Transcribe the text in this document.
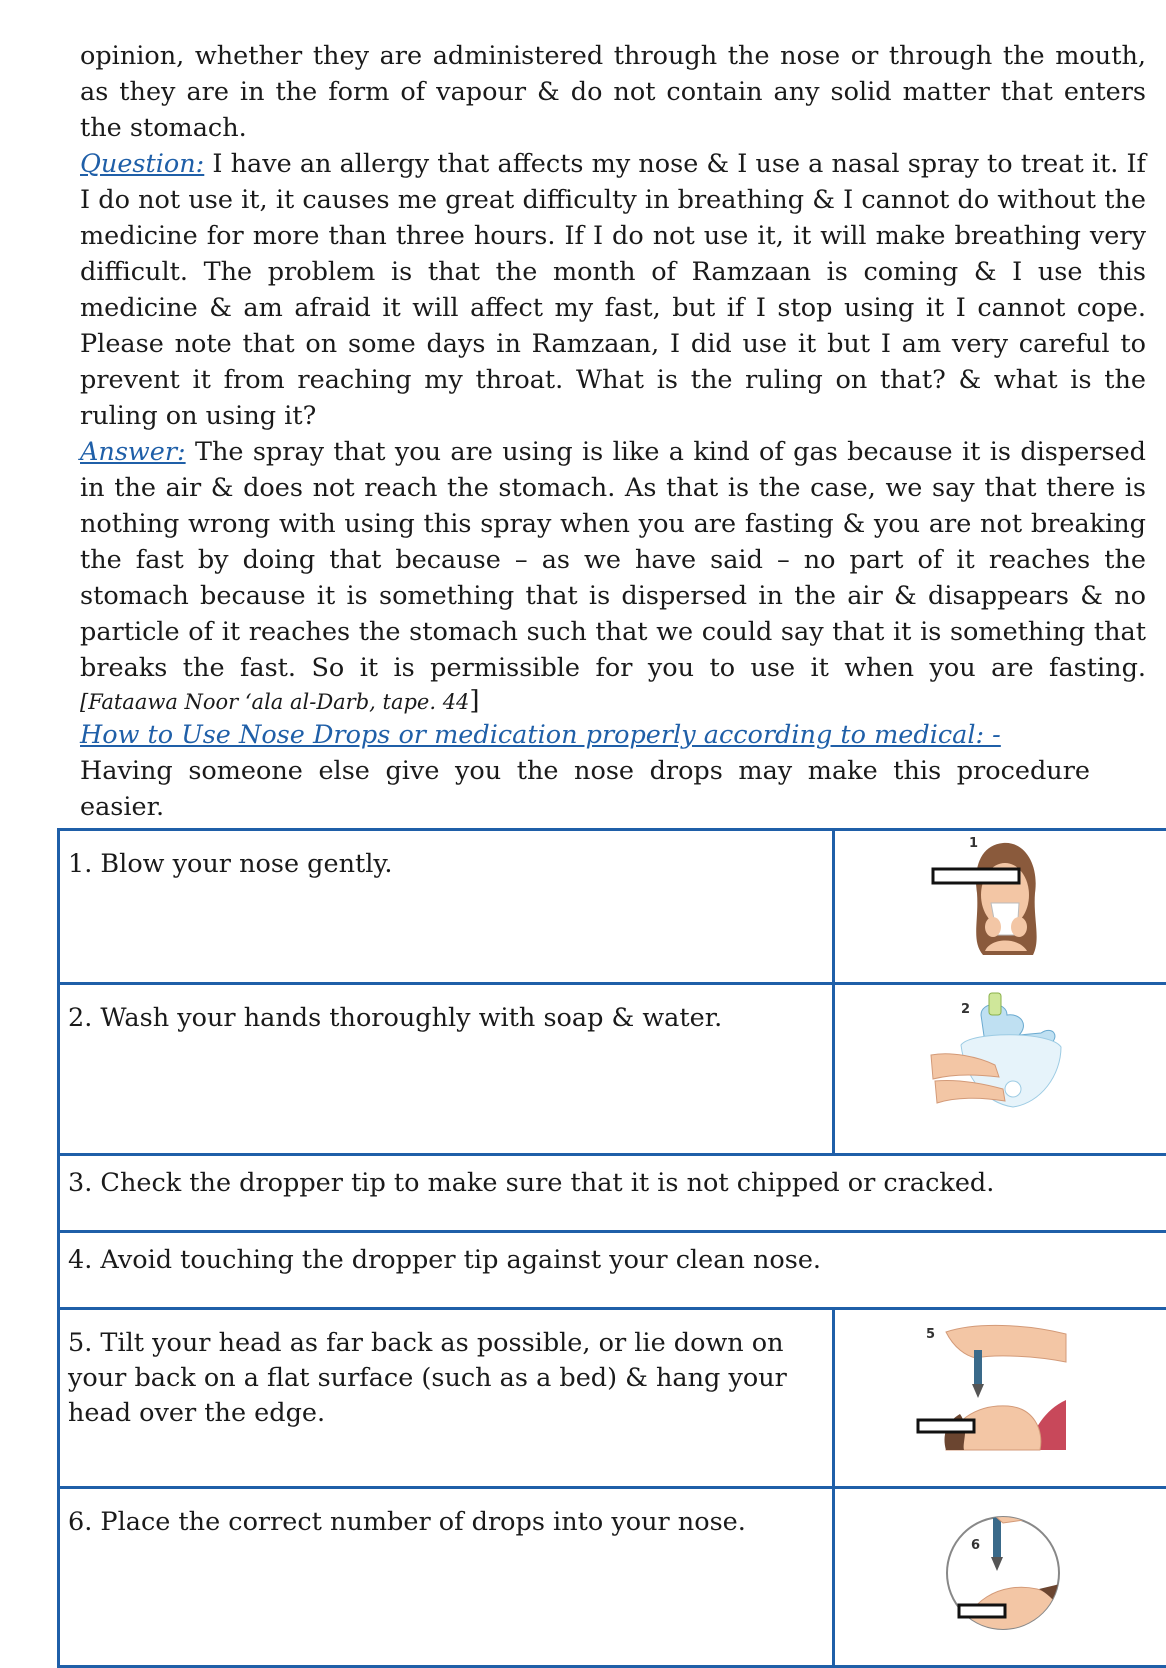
opinion, whether they are administered through the nose or through the mouth, as they are in the form of vapour & do not contain any solid matter that enters the stomach.

Question: I have an allergy that affects my nose & I use a nasal spray to treat it. If I do not use it, it causes me great difficulty in breathing & I cannot do without the medicine for more than three hours. If I do not use it, it will make breathing very difficult. The problem is that the month of Ramzaan is coming & I use this medicine & am afraid it will affect my fast, but if I stop using it I cannot cope. Please note that on some days in Ramzaan, I did use it but I am very careful to prevent it from reaching my throat. What is the ruling on that? & what is the ruling on using it?

Answer: The spray that you are using is like a kind of gas because it is dispersed in the air & does not reach the stomach. As that is the case, we say that there is nothing wrong with using this spray when you are fasting & you are not breaking the fast by doing that because – as we have said – no part of it reaches the stomach because it is something that is dispersed in the air & disappears & no particle of it reaches the stomach such that we could say that it is something that breaks the fast. So it is permissible for you to use it when you are fasting.

[Fataawa Noor ‘ala al-Darb, tape. 44]

How to Use Nose Drops or medication properly according to medical: -

Having someone else give you the nose drops may make this procedure easier.

1. Blow your nose gently.	1

2. Wash your hands thoroughly with soap & water.	2

3. Check the dropper tip to make sure that it is not chipped or cracked.	
4. Avoid touching the dropper tip against your clean nose.	
5. Tilt your head as far back as possible, or lie down on your back on a flat surface (such as a bed) & hang your head over the edge.	5

6. Place the correct number of drops into your nose.	6
